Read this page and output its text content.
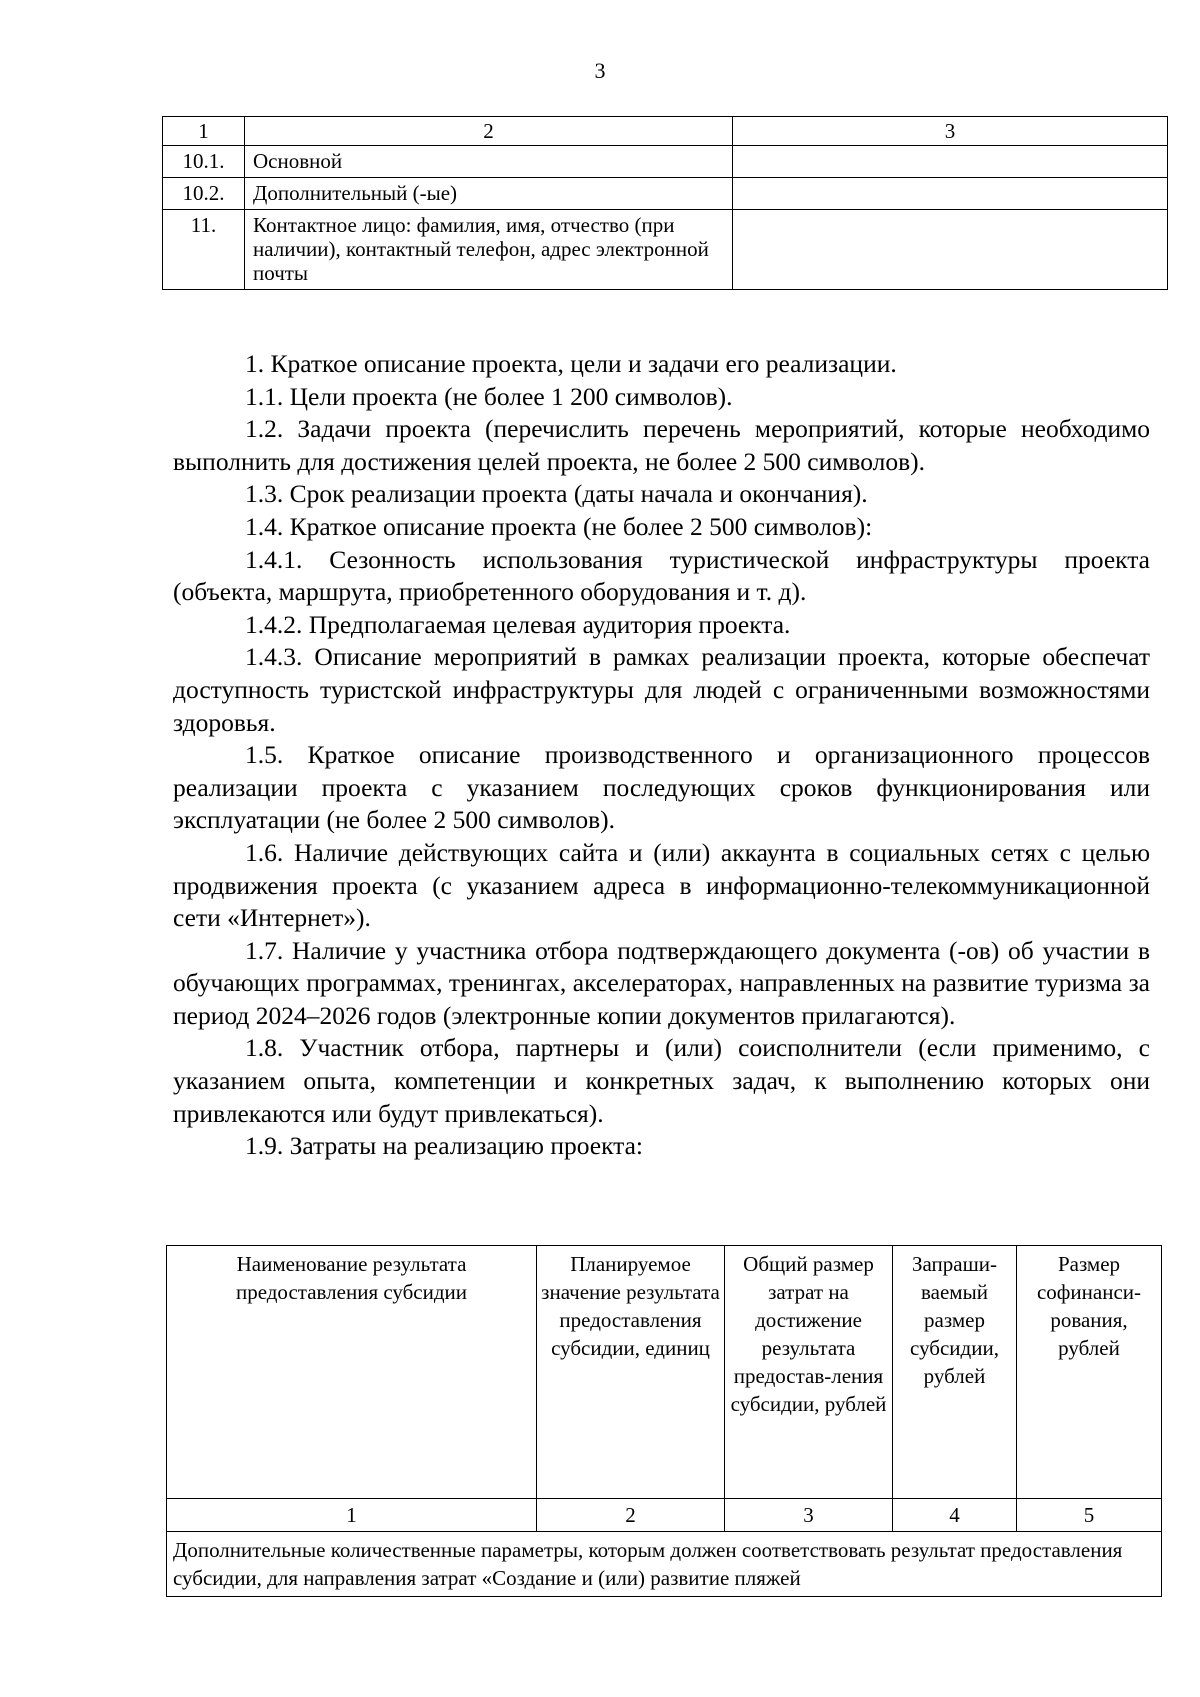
3
1	2	3
10.1.	Основной	
10.2.	Дополнительный (-ые)	
11.	Контактное лицо: фамилия, имя, отчество (при наличии), контактный телефон, адрес электронной почты	

1. Краткое описание проекта, цели и задачи его реализации.

1.1. Цели проекта (не более 1 200 символов).

1.2. Задачи проекта (перечислить перечень мероприятий, которые необходимо выполнить для достижения целей проекта, не более 2 500 символов).

1.3. Срок реализации проекта (даты начала и окончания).

1.4. Краткое описание проекта (не более 2 500 символов):

1.4.1. Сезонность использования туристической инфраструктуры проекта (объекта, маршрута, приобретенного оборудования и т. д).

1.4.2. Предполагаемая целевая аудитория проекта.

1.4.3. Описание мероприятий в рамках реализации проекта, которые обеспечат доступность туристской инфраструктуры для людей с ограниченными возможностями здоровья.

1.5. Краткое описание производственного и организационного процессов реализации проекта с указанием последующих сроков функционирования или эксплуатации (не более 2 500 символов).

1.6. Наличие действующих сайта и (или) аккаунта в социальных сетях с целью продвижения проекта (с указанием адреса в информационно-телекоммуникационной сети «Интернет»).

1.7. Наличие у участника отбора подтверждающего документа (-ов) об участии в обучающих программах, тренингах, акселераторах, направленных на развитие туризма за период 2024–2026 годов (электронные копии документов прилагаются).

1.8. Участник отбора, партнеры и (или) соисполнители (если применимо, с указанием опыта, компетенции и конкретных задач, к выполнению которых они привлекаются или будут привлекаться).

1.9. Затраты на реализацию проекта:

Наименование результата предоставления субсидии	Планируемое значение результата предоставления субсидии, единиц	Общий размер затрат на достижение результата предостав-ления субсидии, рублей	Запраши-ваемый размер субсидии, рублей	Размер софинанси-рования, рублей
1	2	3	4	5
Дополнительные количественные параметры, которым должен соответствовать результат предоставления субсидии, для направления затрат «Создание и (или) развитие пляжей				
